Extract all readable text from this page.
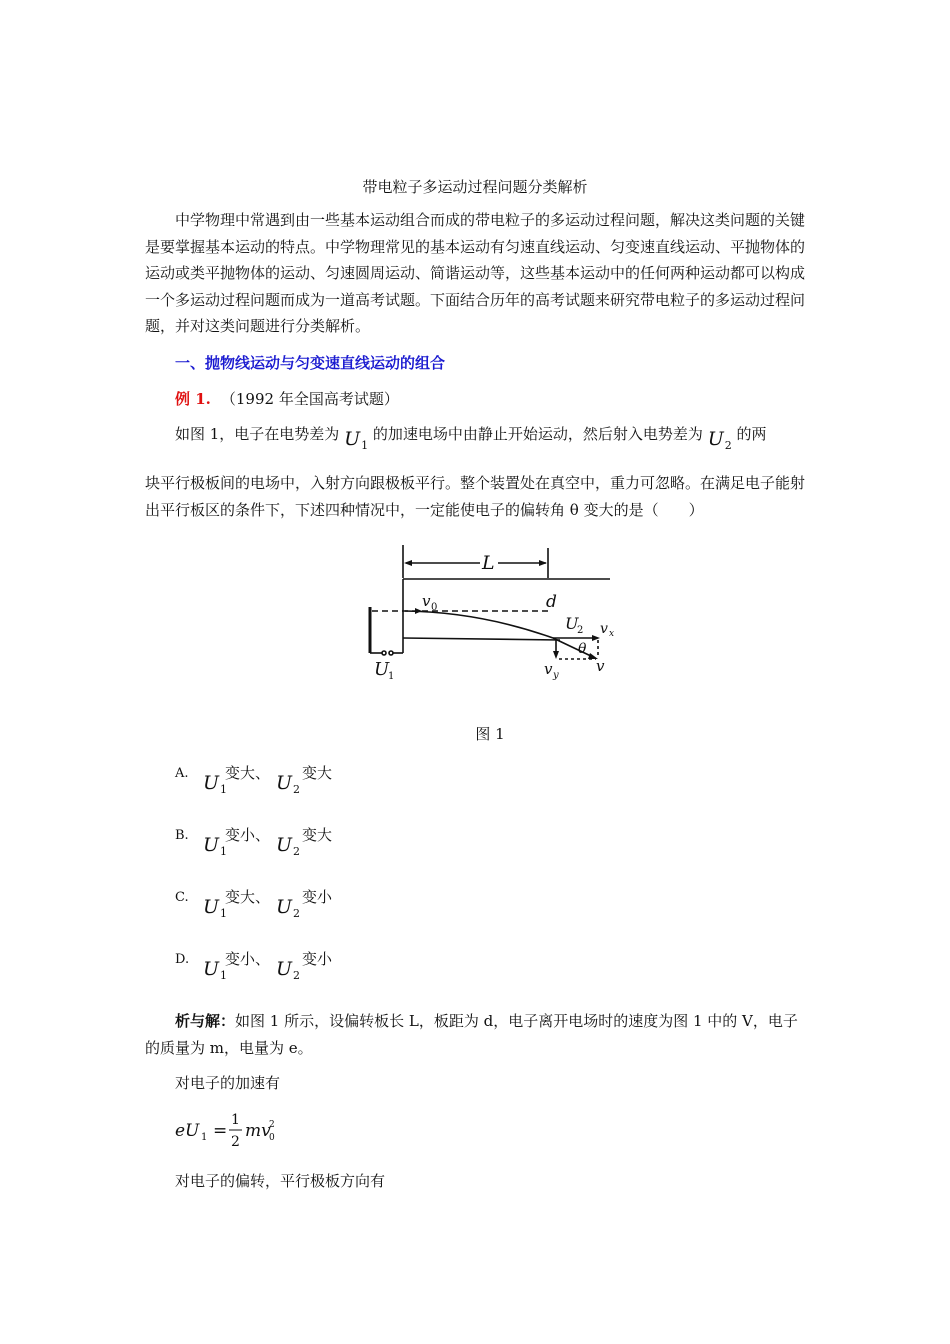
带电粒子多运动过程问题分类解析

中学物理中常遇到由一些基本运动组合而成的带电粒子的多运动过程问题，解决这类问题的关键是要掌握基本运动的特点。中学物理常见的基本运动有匀速直线运动、匀变速直线运动、平抛物体的运动或类平抛物体的运动、匀速圆周运动、简谐运动等，这些基本运动中的任何两种运动都可以构成一个多运动过程问题而成为一道高考试题。下面结合历年的高考试题来研究带电粒子的多运动过程问题，并对这类问题进行分类解析。

一、抛物线运动与匀变速直线运动的组合
例 1. （1992 年全国高考试题）
如图 1，电子在电势差为 $U_1$ 的加速电场中由静止开始运动，然后射入电势差为 $U_2$ 的两

块平行极板间的电场中，入射方向跟极板平行。整个装置处在真空中，重力可忽略。在满足电子能射出平行板区的条件下，下述四种情况中，一定能使电子的偏转角 θ 变大的是（　　）

L
v 0	d
U
2 v x
θ
v y
v
U
1
图 1
A. $U_1$
变大、 $U_2$
变大
B. $U_1$
变小、 $U_2$
变大
C. $U_1$
变大、 $U_2$
变小
D. $U_1$
变小、 $U_2$
变小

析与解：如图 1 所示，设偏转板长 L，板距为 d，电子离开电场时的速度为图 1 中的 V，电子的质量为 m，电量为 e。

对电子的加速有
eU 1 =
1
2
mv
0
2
对电子的偏转，平行极板方向有
